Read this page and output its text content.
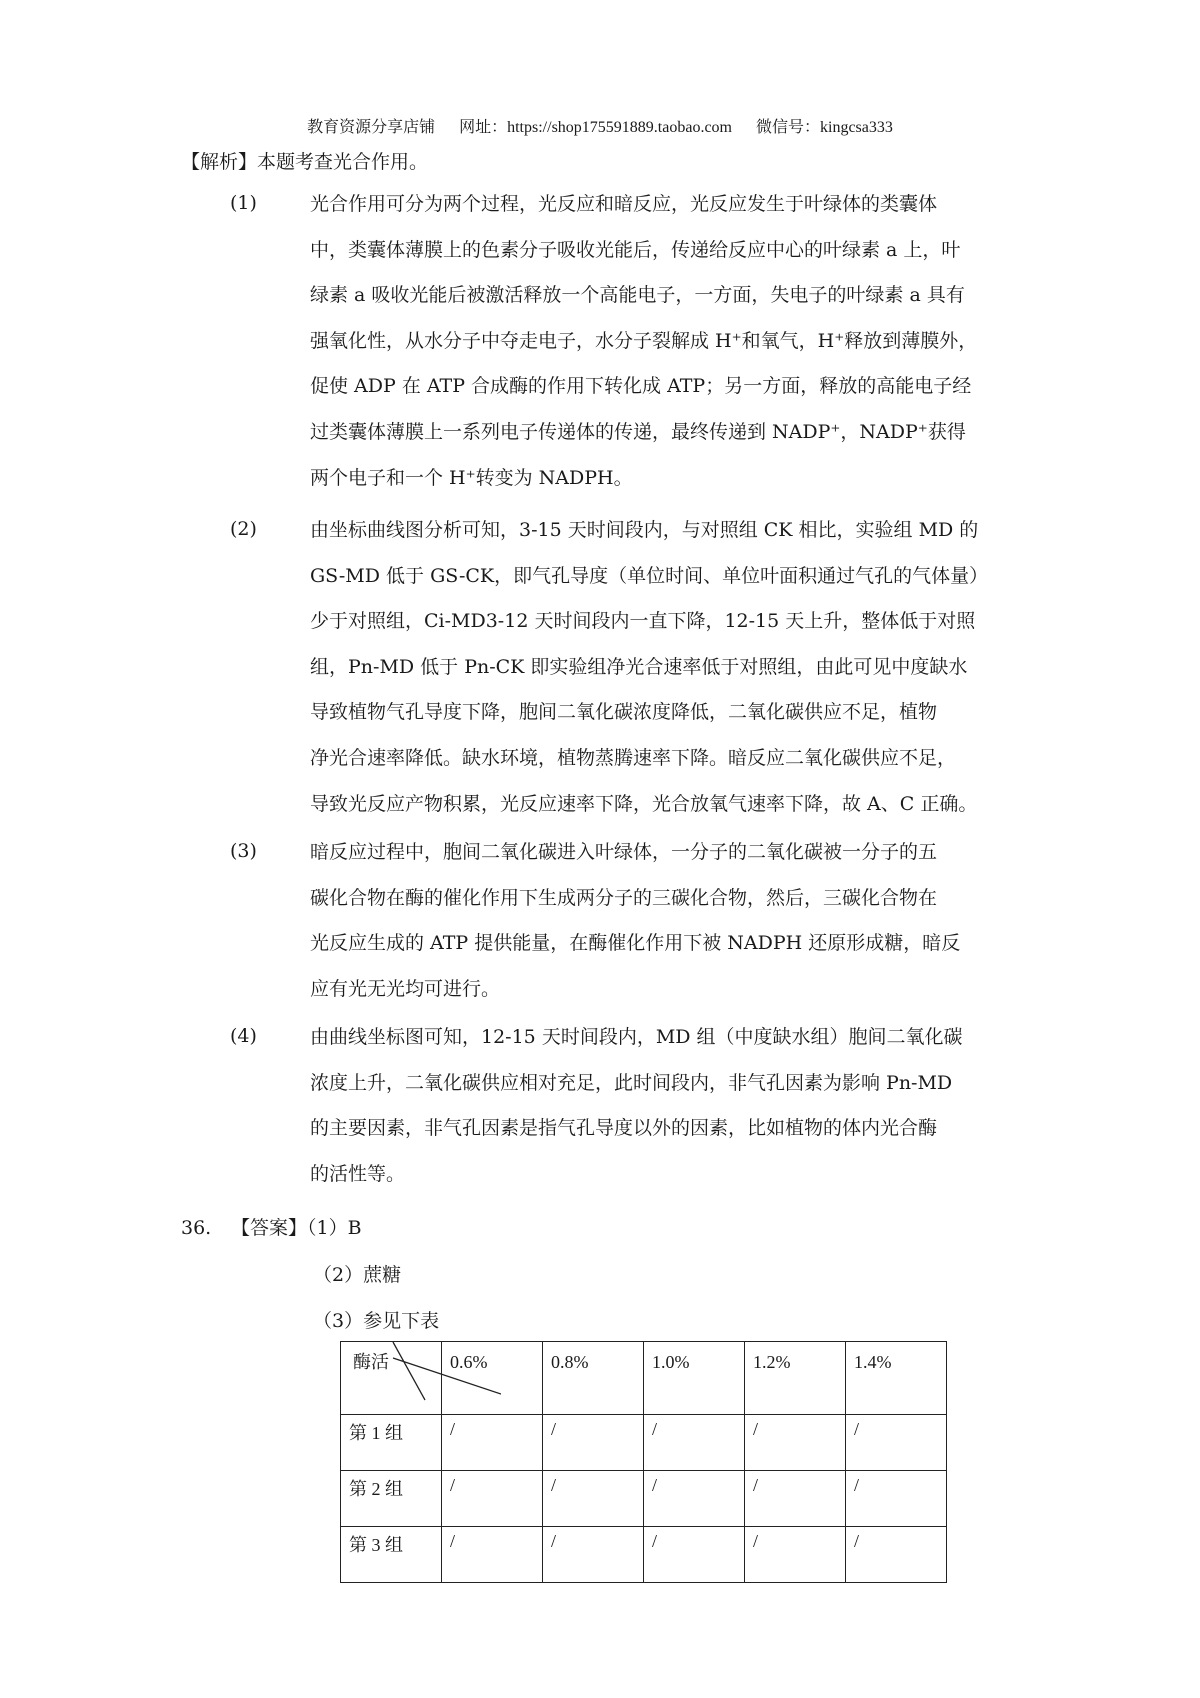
教育资源分享店铺 网址：https://shop175591889.taobao.com 微信号：kingcsa333
【解析】本题考查光合作用。
(1)	光合作用可分为两个过程，光反应和暗反应，光反应发生于叶绿体的类囊体
中，类囊体薄膜上的色素分子吸收光能后，传递给反应中心的叶绿素 a 上，叶
绿素 a 吸收光能后被激活释放一个高能电子，一方面，失电子的叶绿素 a 具有
强氧化性，从水分子中夺走电子，水分子裂解成 H⁺和氧气，H⁺释放到薄膜外，
促使 ADP 在 ATP 合成酶的作用下转化成 ATP；另一方面，释放的高能电子经
过类囊体薄膜上一系列电子传递体的传递，最终传递到 NADP⁺，NADP⁺获得
两个电子和一个 H⁺转变为 NADPH。
(2)	由坐标曲线图分析可知，3-15 天时间段内，与对照组 CK 相比，实验组 MD 的
GS-MD 低于 GS-CK，即气孔导度（单位时间、单位叶面积通过气孔的气体量）
少于对照组，Ci-MD3-12 天时间段内一直下降，12-15 天上升，整体低于对照
组，Pn-MD 低于 Pn-CK 即实验组净光合速率低于对照组，由此可见中度缺水
导致植物气孔导度下降，胞间二氧化碳浓度降低，二氧化碳供应不足，植物
净光合速率降低。缺水环境，植物蒸腾速率下降。暗反应二氧化碳供应不足，
导致光反应产物积累，光反应速率下降，光合放氧气速率下降，故 A、C 正确。
(3)	暗反应过程中，胞间二氧化碳进入叶绿体，一分子的二氧化碳被一分子的五
碳化合物在酶的催化作用下生成两分子的三碳化合物，然后，三碳化合物在
光反应生成的 ATP 提供能量，在酶催化作用下被 NADPH 还原形成糖，暗反
应有光无光均可进行。
(4)	由曲线坐标图可知，12-15 天时间段内，MD 组（中度缺水组）胞间二氧化碳
浓度上升，二氧化碳供应相对充足，此时间段内，非气孔因素为影响 Pn-MD
的主要因素，非气孔因素是指气孔导度以外的因素，比如植物的体内光合酶
的活性等。
36. 【答案】（1）B
（2）蔗糖
（3）参见下表
酶活	0.6%	0.8%	1.0%	1.2%	1.4%
第 1 组	/	/	/	/	/
第 2 组	/	/	/	/	/
第 3 组	/	/	/	/	/
